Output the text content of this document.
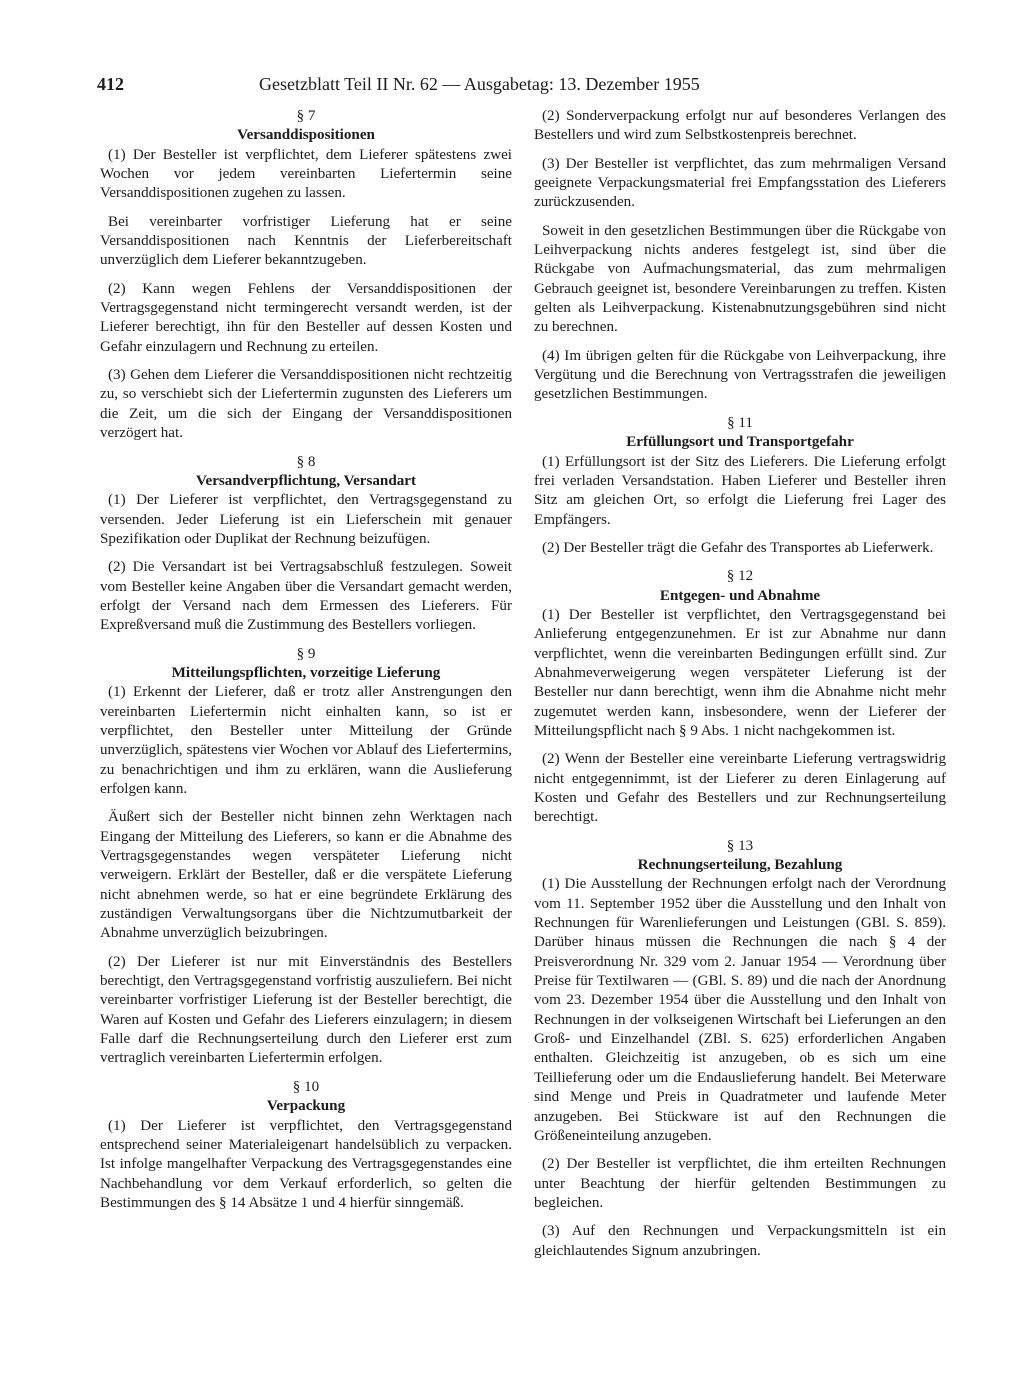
412	Gesetzblatt Teil II Nr. 62 — Ausgabetag: 13. Dezember 1955

§ 7

Versanddispositionen

(1) Der Besteller ist verpflichtet, dem Lieferer spätestens zwei Wochen vor jedem vereinbarten Liefertermin seine Versanddispositionen zugehen zu lassen.

Bei vereinbarter vorfristiger Lieferung hat er seine Versanddispositionen nach Kenntnis der Lieferbereitschaft unverzüglich dem Lieferer bekanntzugeben.

(2) Kann wegen Fehlens der Versanddispositionen der Vertragsgegenstand nicht termingerecht versandt werden, ist der Lieferer berechtigt, ihn für den Besteller auf dessen Kosten und Gefahr einzulagern und Rechnung zu erteilen.

(3) Gehen dem Lieferer die Versanddispositionen nicht rechtzeitig zu, so verschiebt sich der Liefertermin zugunsten des Lieferers um die Zeit, um die sich der Eingang der Versanddispositionen verzögert hat.

§ 8

Versandverpflichtung, Versandart

(1) Der Lieferer ist verpflichtet, den Vertragsgegenstand zu versenden. Jeder Lieferung ist ein Lieferschein mit genauer Spezifikation oder Duplikat der Rechnung beizufügen.

(2) Die Versandart ist bei Vertragsabschluß festzulegen. Soweit vom Besteller keine Angaben über die Versandart gemacht werden, erfolgt der Versand nach dem Ermessen des Lieferers. Für Expreßversand muß die Zustimmung des Bestellers vorliegen.

§ 9

Mitteilungspflichten, vorzeitige Lieferung

(1) Erkennt der Lieferer, daß er trotz aller Anstrengungen den vereinbarten Liefertermin nicht einhalten kann, so ist er verpflichtet, den Besteller unter Mitteilung der Gründe unverzüglich, spätestens vier Wochen vor Ablauf des Liefertermins, zu benachrichtigen und ihm zu erklären, wann die Auslieferung erfolgen kann.

Äußert sich der Besteller nicht binnen zehn Werktagen nach Eingang der Mitteilung des Lieferers, so kann er die Abnahme des Vertragsgegenstandes wegen verspäteter Lieferung nicht verweigern. Erklärt der Besteller, daß er die verspätete Lieferung nicht abnehmen werde, so hat er eine begründete Erklärung des zuständigen Verwaltungsorgans über die Nichtzumutbarkeit der Abnahme unverzüglich beizubringen.

(2) Der Lieferer ist nur mit Einverständnis des Bestellers berechtigt, den Vertragsgegenstand vorfristig auszuliefern. Bei nicht vereinbarter vorfristiger Lieferung ist der Besteller berechtigt, die Waren auf Kosten und Gefahr des Lieferers einzulagern; in diesem Falle darf die Rechnungserteilung durch den Lieferer erst zum vertraglich vereinbarten Liefertermin erfolgen.

§ 10

Verpackung

(1) Der Lieferer ist verpflichtet, den Vertragsgegenstand entsprechend seiner Materialeigenart handelsüblich zu verpacken. Ist infolge mangelhafter Verpackung des Vertragsgegenstandes eine Nachbehandlung vor dem Verkauf erforderlich, so gelten die Bestimmungen des § 14 Absätze 1 und 4 hierfür sinngemäß.

(2) Sonderverpackung erfolgt nur auf besonderes Verlangen des Bestellers und wird zum Selbstkostenpreis berechnet.

(3) Der Besteller ist verpflichtet, das zum mehrmaligen Versand geeignete Verpackungsmaterial frei Empfangsstation des Lieferers zurückzusenden.

Soweit in den gesetzlichen Bestimmungen über die Rückgabe von Leihverpackung nichts anderes festgelegt ist, sind über die Rückgabe von Aufmachungsmaterial, das zum mehrmaligen Gebrauch geeignet ist, besondere Vereinbarungen zu treffen. Kisten gelten als Leihverpackung. Kistenabnutzungsgebühren sind nicht zu berechnen.

(4) Im übrigen gelten für die Rückgabe von Leihverpackung, ihre Vergütung und die Berechnung von Vertragsstrafen die jeweiligen gesetzlichen Bestimmungen.

§ 11

Erfüllungsort und Transportgefahr

(1) Erfüllungsort ist der Sitz des Lieferers. Die Lieferung erfolgt frei verladen Versandstation. Haben Lieferer und Besteller ihren Sitz am gleichen Ort, so erfolgt die Lieferung frei Lager des Empfängers.

(2) Der Besteller trägt die Gefahr des Transportes ab Lieferwerk.

§ 12

Entgegen- und Abnahme

(1) Der Besteller ist verpflichtet, den Vertragsgegenstand bei Anlieferung entgegenzunehmen. Er ist zur Abnahme nur dann verpflichtet, wenn die vereinbarten Bedingungen erfüllt sind. Zur Abnahmeverweigerung wegen verspäteter Lieferung ist der Besteller nur dann berechtigt, wenn ihm die Abnahme nicht mehr zugemutet werden kann, insbesondere, wenn der Lieferer der Mitteilungspflicht nach § 9 Abs. 1 nicht nachgekommen ist.

(2) Wenn der Besteller eine vereinbarte Lieferung vertragswidrig nicht entgegennimmt, ist der Lieferer zu deren Einlagerung auf Kosten und Gefahr des Bestellers und zur Rechnungserteilung berechtigt.

§ 13

Rechnungserteilung, Bezahlung

(1) Die Ausstellung der Rechnungen erfolgt nach der Verordnung vom 11. September 1952 über die Ausstellung und den Inhalt von Rechnungen für Warenlieferungen und Leistungen (GBl. S. 859). Darüber hinaus müssen die Rechnungen die nach § 4 der Preisverordnung Nr. 329 vom 2. Januar 1954 — Verordnung über Preise für Textilwaren — (GBl. S. 89) und die nach der Anordnung vom 23. Dezember 1954 über die Ausstellung und den Inhalt von Rechnungen in der volkseigenen Wirtschaft bei Lieferungen an den Groß- und Einzelhandel (ZBl. S. 625) erforderlichen Angaben enthalten. Gleichzeitig ist anzugeben, ob es sich um eine Teillieferung oder um die Endauslieferung handelt. Bei Meterware sind Menge und Preis in Quadratmeter und laufende Meter anzugeben. Bei Stückware ist auf den Rechnungen die Größeneinteilung anzugeben.

(2) Der Besteller ist verpflichtet, die ihm erteilten Rechnungen unter Beachtung der hierfür geltenden Bestimmungen zu begleichen.

(3) Auf den Rechnungen und Verpackungsmitteln ist ein gleichlautendes Signum anzubringen.
